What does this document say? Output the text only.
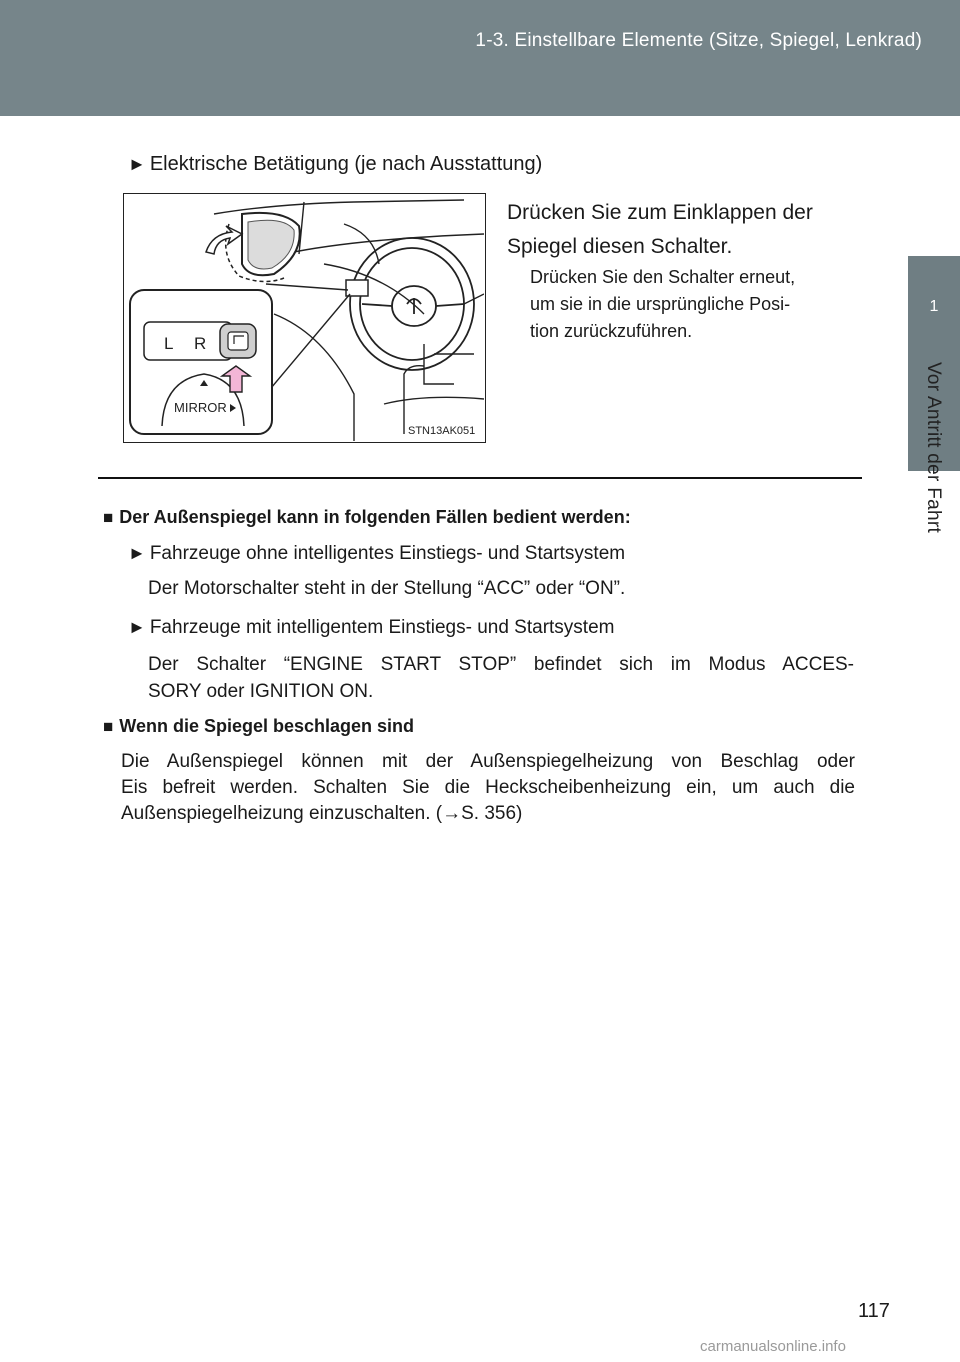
1-3. Einstellbare Elemente (Sitze, Spiegel, Lenkrad)
1
Vor Antritt der Fahrt
► Elektrische Betätigung (je nach Ausstattung)
Drücken Sie zum Einklappen der
Spiegel diesen Schalter.
Drücken Sie den Schalter erneut,
um sie in die ursprüngliche Posi-
tion zurückzuführen.
L R
MIRROR
STN13AK051
■ Der Außenspiegel kann in folgenden Fällen bedient werden:
► Fahrzeuge ohne intelligentes Einstiegs- und Startsystem
Der Motorschalter steht in der Stellung “ACC” oder “ON”.
► Fahrzeuge mit intelligentem Einstiegs- und Startsystem
Der Schalter “ENGINE START STOP” befindet sich im Modus ACCES-
SORY oder IGNITION ON.
■ Wenn die Spiegel beschlagen sind
Die Außenspiegel können mit der Außenspiegelheizung von Beschlag oder
Eis befreit werden. Schalten Sie die Heckscheibenheizung ein, um auch die
Außenspiegelheizung einzuschalten. (→S. 356)
117
carmanualsonline.info
